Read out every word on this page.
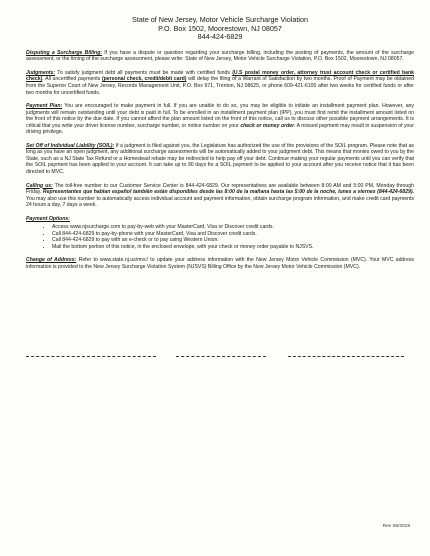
State of New Jersey, Motor Vehicle Surcharge Violation
P.O. Box 1502, Moorestown, NJ 08057
844-424-6829

Disputing a Surcharge Billing: If you have a dispute or question regarding your surcharge billing, including the posting of payments, the amount of the surcharge assessment, or the timing of the surcharge assessment, please write: State of New Jersey, Motor Vehicle Surcharge Violation, P.O. Box 1502, Moorestown, NJ 08057.

Judgments: To satisfy judgment debt all payments must be made with certified funds (U.S postal money order, attorney trust account check or certified bank check). All uncertified payments (personal check, credit/debit card) will delay the filing of a Warrant of Satisfaction by two months. Proof of Payment may be obtained from the Superior Court of New Jersey, Records Management Unit, P.O. Box 971, Trenton, NJ 08625, or phone 609-421-6100 after two weeks for certified funds or after two months for uncertified funds.

Payment Plan: You are encouraged to make payment in full. If you are unable to do so, you may be eligible to initiate an installment payment plan. However, any judgments will remain outstanding until your debt is paid in full. To be enrolled in an installment payment plan (IPP), you must first remit the installment amount listed on the front of this notice by the due date. If you cannot afford the plan amount listed on the front of this notice, call us to discuss other possible payment arrangements. It is critical that you write your driver license number, surcharge number, or notice number on your check or money order. A missed payment may result in suspension of your driving privilege.

Set Off of Individual Liability (SOIL): If a judgment is filed against you, the Legislature has authorized the use of the provisions of the SOIL program. Please note that as long as you have an open judgment, any additional surcharge assessments will be automatically added to your judgment debt. This means that monies owed to you by the State, such as a NJ State Tax Refund or a Homestead rebate may be redirected to help pay off your debt. Continue making your regular payments until you can verify that the SOIL payment has been applied to your account. It can take up to 90 days for a SOIL payment to be applied to your account after you receive notice that it has been directed to MVC.

Calling us: The toll-free number to our Customer Service Center is 844-424-6829. Our representatives are available between 8:00 AM and 5:00 PM, Monday through Friday. Representantes que hablan español también están disponibles desde las 8:00 de la mañana hasta las 5:00 de la noche, lunes a viernes (844-424-6829). You may also use this number to automatically access individual account and payment information, obtain surcharge program information, and make credit card payments 24 hours a day, 7 days a week.

Payment Options:

• Access www.njsurcharge.com to pay-by-web with your MasterCard, Visa or Discover credit cards.
• Call 844-424-6829 to pay-by-phone with your MasterCard, Visa and Discover credit cards.
• Call 844-424-6829 to pay with an e-check or to pay using Western Union.
• Mail the bottom portion of this notice, in the enclosed envelope, with your check or money order payable to NJSVS.

Change of Address: Refer to www.state.nj.us/mvc/ to update your address information with the New Jersey Motor Vehicle Commission (MVC). Your MVC address information is provided to the New Jersey Surcharge Violation System (NJSVS) Billing Office by the New Jersey Motor Vehicle Commission (MVC).

Rev 06/2019
